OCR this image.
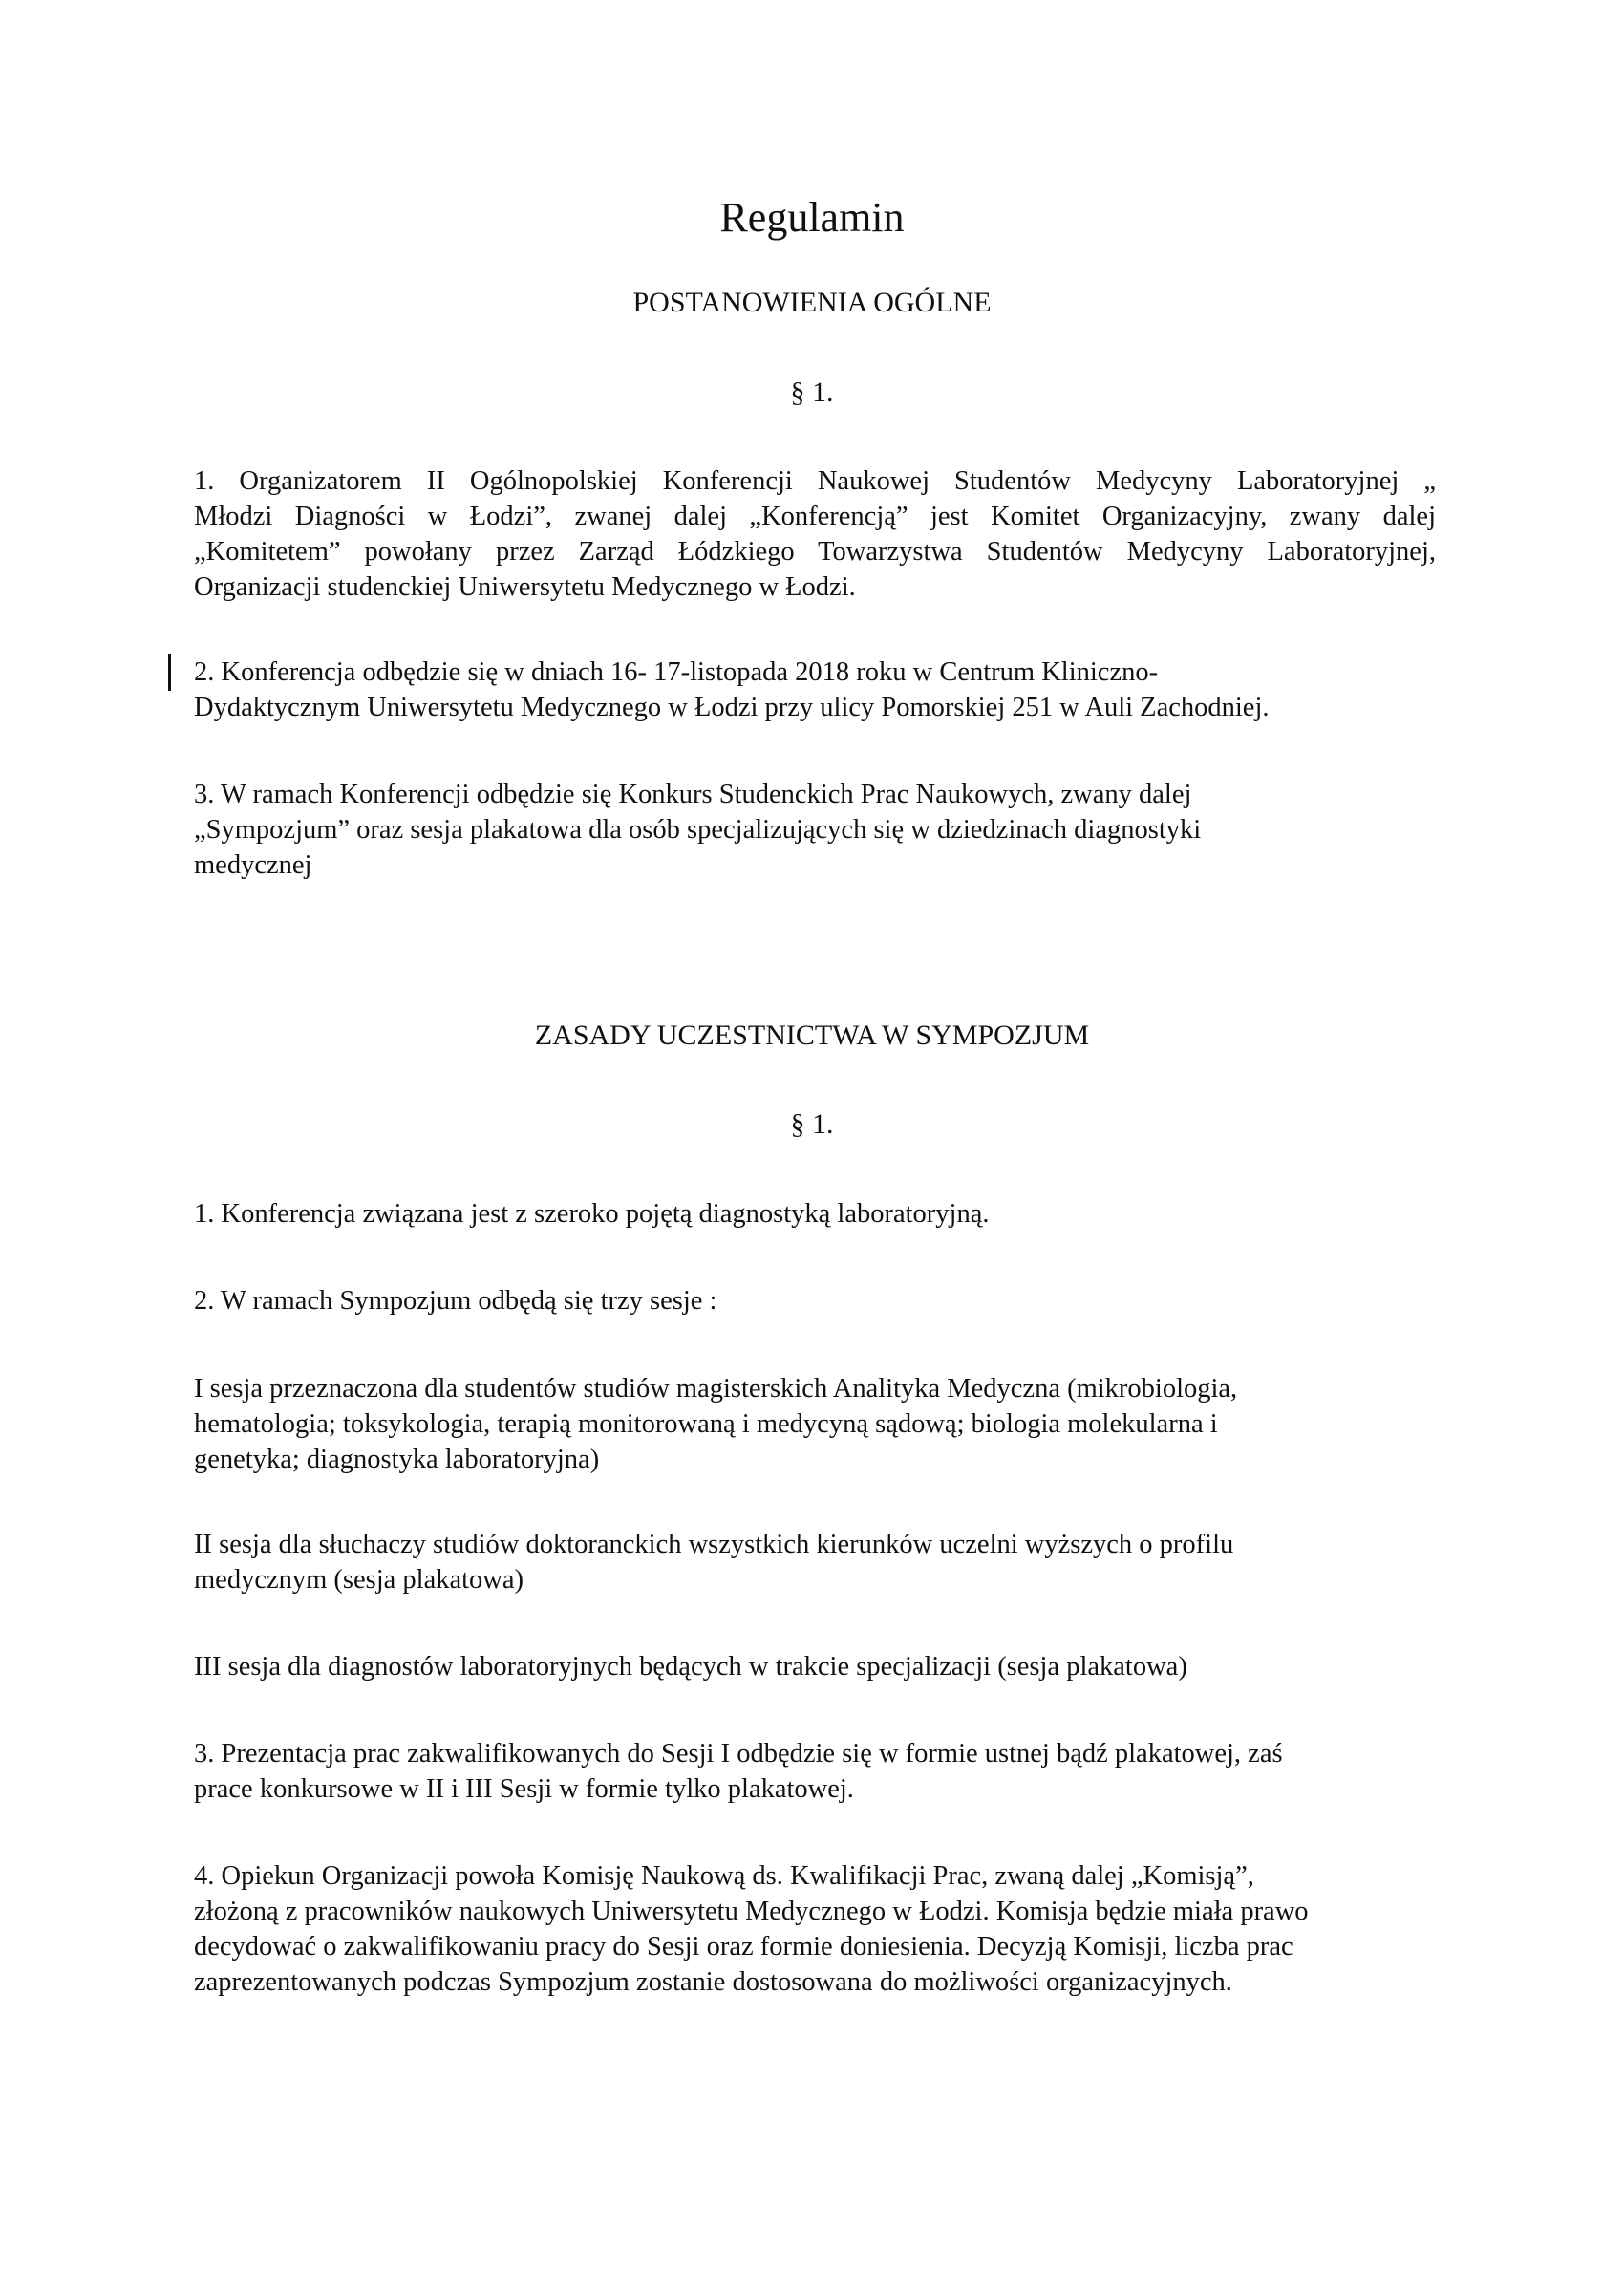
Regulamin
POSTANOWIENIA OGÓLNE

§ 1.

1. Organizatorem II Ogólnopolskiej Konferencji Naukowej Studentów Medycyny Laboratoryjnej „
Młodzi Diagności w Łodzi”, zwanej dalej „Konferencją” jest Komitet Organizacyjny, zwany dalej
„Komitetem” powołany przez Zarząd Łódzkiego Towarzystwa Studentów Medycyny Laboratoryjnej,
Organizacji studenckiej Uniwersytetu Medycznego w Łodzi.
2. Konferencja odbędzie się w dniach 16- 17-listopada 2018 roku w Centrum Kliniczno-
Dydaktycznym Uniwersytetu Medycznego w Łodzi przy ulicy Pomorskiej 251 w Auli Zachodniej.
3. W ramach Konferencji odbędzie się Konkurs Studenckich Prac Naukowych, zwany dalej
„Sympozjum” oraz sesja plakatowa dla osób specjalizujących się w dziedzinach diagnostyki
medycznej
ZASADY UCZESTNICTWA W SYMPOZJUM

§ 1.

1. Konferencja związana jest z szeroko pojętą diagnostyką laboratoryjną.
2. W ramach Sympozjum odbędą się trzy sesje :
I sesja przeznaczona dla studentów studiów magisterskich Analityka Medyczna (mikrobiologia,
hematologia; toksykologia, terapią monitorowaną i medycyną sądową; biologia molekularna i
genetyka; diagnostyka laboratoryjna)
II sesja dla słuchaczy studiów doktoranckich wszystkich kierunków uczelni wyższych o profilu
medycznym (sesja plakatowa)
III sesja dla diagnostów laboratoryjnych będących w trakcie specjalizacji (sesja plakatowa)
3. Prezentacja prac zakwalifikowanych do Sesji I odbędzie się w formie ustnej bądź plakatowej, zaś
prace konkursowe w II i III Sesji w formie tylko plakatowej.
4. Opiekun Organizacji powoła Komisję Naukową ds. Kwalifikacji Prac, zwaną dalej „Komisją”,
złożoną z pracowników naukowych Uniwersytetu Medycznego w Łodzi. Komisja będzie miała prawo
decydować o zakwalifikowaniu pracy do Sesji oraz formie doniesienia. Decyzją Komisji, liczba prac
zaprezentowanych podczas Sympozjum zostanie dostosowana do możliwości organizacyjnych.
